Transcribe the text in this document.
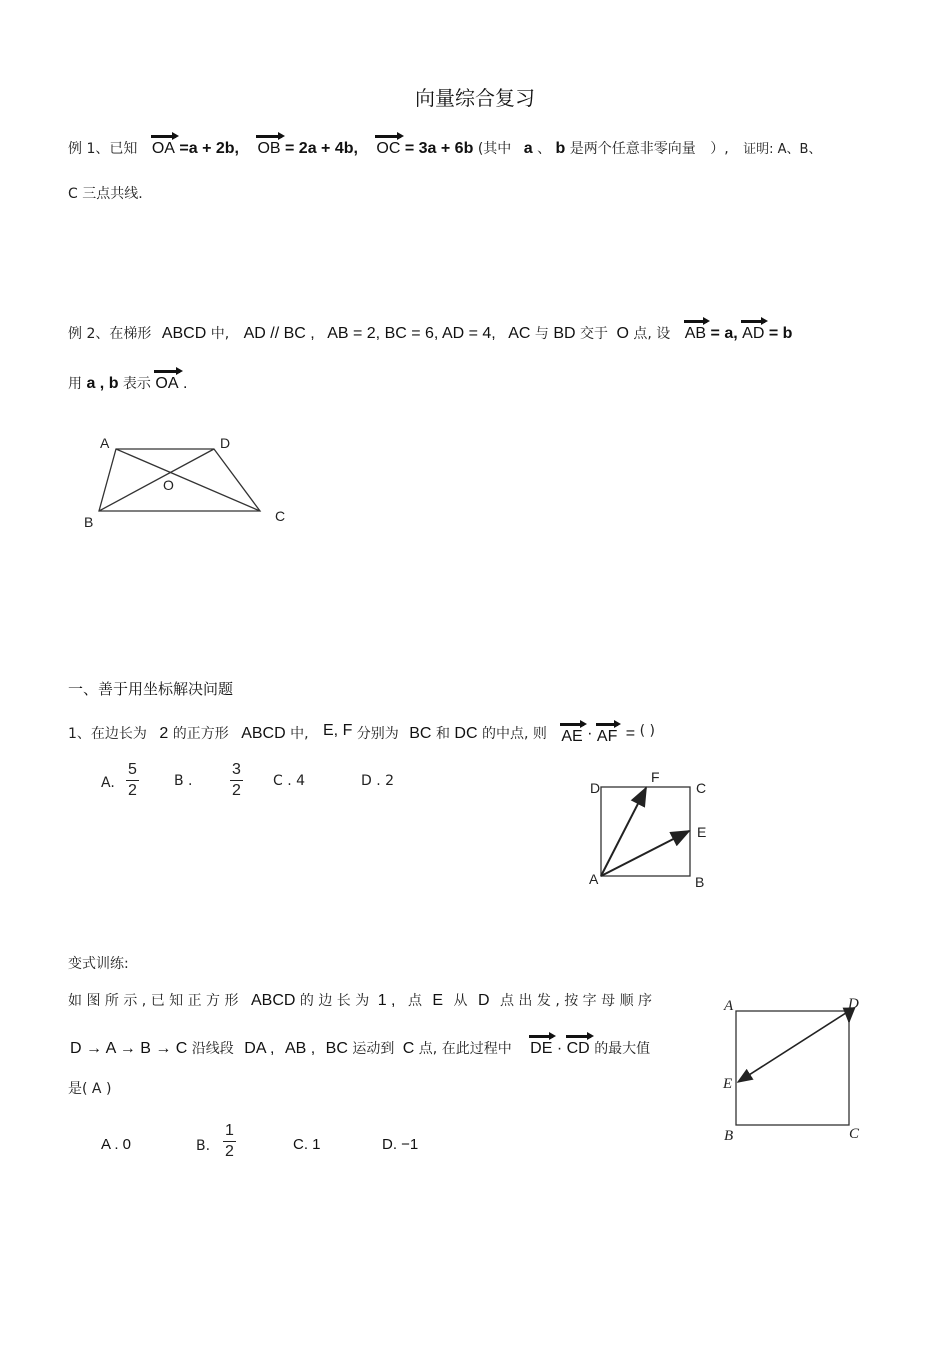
向量综合复习
例 1、已知 OA =a + 2b, OB = 2a + 4b, OC = 3a + 6b (其中 a 、 b 是两个任意非零向量 ）, 证明: A、B、
C 三点共线.
例 2、在梯形 ABCD 中, AD // BC , AB = 2, BC = 6, AD = 4, AC 与 BD 交于 O 点, 设 AB = a, AD = b
用 a , b 表示 OA .
A	D
O
B	C
一、善于用坐标解决问题
1、在边长为 2 的正方形 ABCD 中, E, F 分别为 BC 和 DC 的中点, 则 AE · AF = ( )
A. $\frac{5}{2}$	B . $\frac{3}{2}$ C . 4	D . 2	D
F
C
E
A	B
变式训练:
如 图 所 示 , 已 知 正 方 形 ABCD 的 边 长 为 1 , 点 E 从 D 点 出 发 , 按 字 母 顺 序
D → A → B → C 沿线段 DA , AB , BC 运动到 C 点, 在此过程中 DE · CD 的最大值
是( A )
A . 0	B. $\frac{1}{2}$	C. 1	D. −1
A	D
E
B	C
